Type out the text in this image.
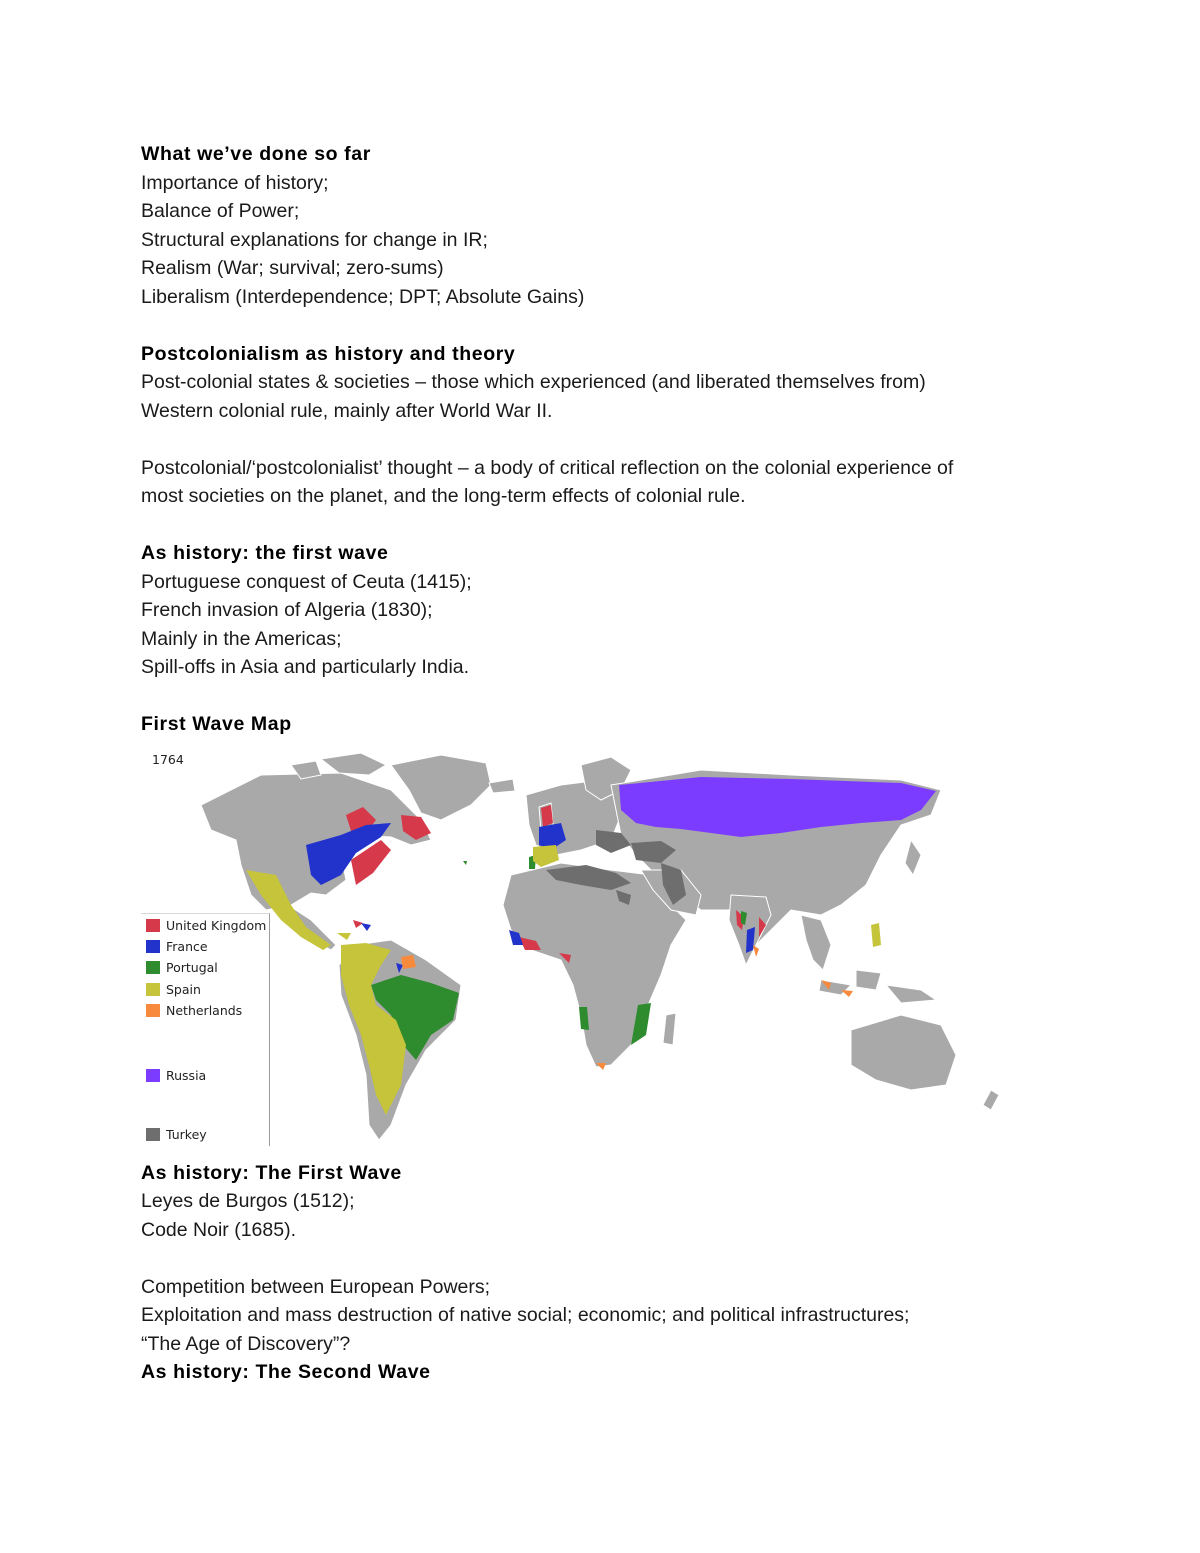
What we’ve done so far
Importance of history;
Balance of Power;
Structural explanations for change in IR;
Realism (War; survival; zero-sums)
Liberalism (Interdependence; DPT; Absolute Gains)
Postcolonialism as history and theory
Post-colonial states & societies – those which experienced (and liberated themselves from)
Western colonial rule, mainly after World War II.
Postcolonial/‘postcolonialist’ thought – a body of critical reflection on the colonial experience of
most societies on the planet, and the long-term effects of colonial rule.
As history: the first wave
Portuguese conquest of Ceuta (1415);
French invasion of Algeria (1830);
Mainly in the Americas;
Spill-offs in Asia and particularly India.
First Wave Map
1764
United Kingdom
France
Portugal
Spain
Netherlands
Russia
Turkey
As history: The First Wave
Leyes de Burgos (1512);
Code Noir (1685).
Competition between European Powers;
Exploitation and mass destruction of native social; economic; and political infrastructures;
“The Age of Discovery”?
As history: The Second Wave
